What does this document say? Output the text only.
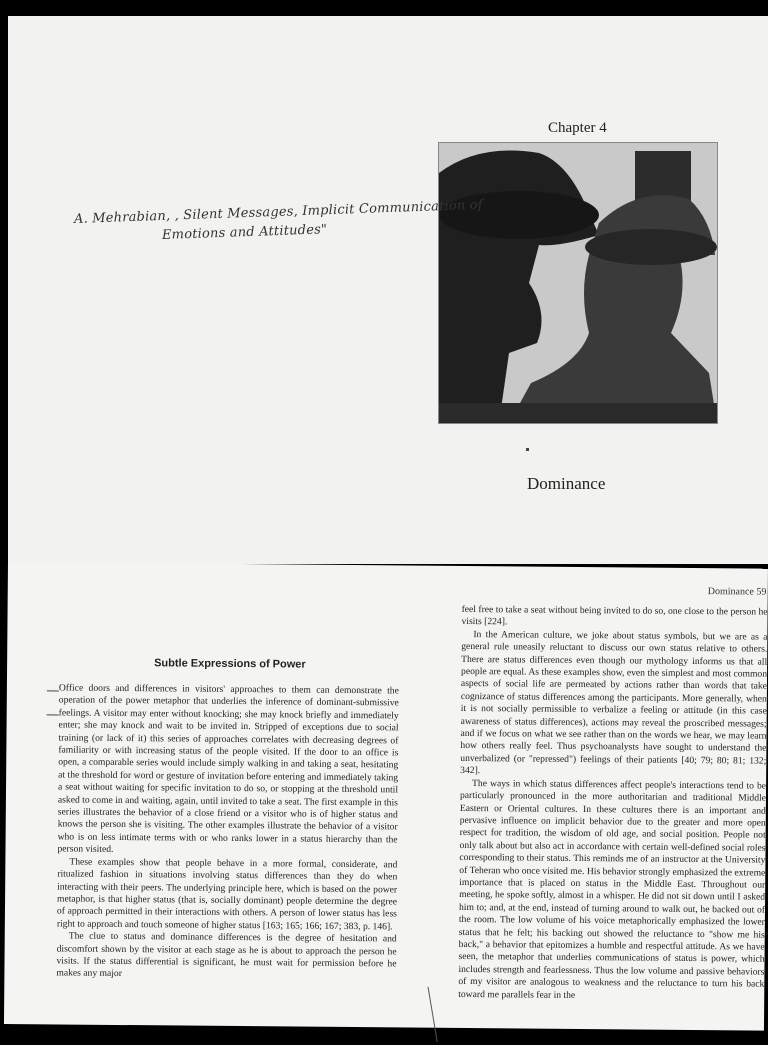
Chapter 4
A. Mehrabian, , Silent Messages, Implicit Communication of
Emotions and Attitudes"
Dominance
Dominance 59
Subtle Expressions of Power

Office doors and differences in visitors' approaches to them can demonstrate the operation of the power metaphor that underlies the inference of dominant-submissive feelings. A visitor may enter without knocking; she may knock briefly and immediately enter; she may knock and wait to be invited in. Stripped of exceptions due to social training (or lack of it) this series of approaches correlates with decreasing degrees of familiarity or with increasing status of the people visited. If the door to an office is open, a comparable series would include simply walking in and taking a seat, hesitating at the threshold for word or gesture of invitation before entering and immediately taking a seat without waiting for specific invitation to do so, or stopping at the threshold until asked to come in and waiting, again, until invited to take a seat. The first example in this series illustrates the behavior of a close friend or a visitor who is of higher status and knows the person she is visiting. The other examples illustrate the behavior of a visitor who is on less intimate terms with or who ranks lower in a status hierarchy than the person visited.

These examples show that people behave in a more formal, considerate, and ritualized fashion in situations involving status differences than they do when interacting with their peers. The underlying principle here, which is based on the power metaphor, is that higher status (that is, socially dominant) people determine the degree of approach permitted in their interactions with others. A person of lower status has less right to approach and touch someone of higher status [163; 165; 166; 167; 383, p. 146].

The clue to status and dominance differences is the degree of hesitation and discomfort shown by the visitor at each stage as he is about to approach the person he visits. If the status differential is significant, he must wait for permission before he makes any major

feel free to take a seat without being invited to do so, one close to the person he visits [224].

In the American culture, we joke about status symbols, but we are as a general rule uneasily reluctant to discuss our own status relative to others. There are status differences even though our mythology informs us that all people are equal. As these examples show, even the simplest and most common aspects of social life are permeated by actions rather than words that take cognizance of status differences among the participants. More generally, when it is not socially permissible to verbalize a feeling or attitude (in this case awareness of status differences), actions may reveal the proscribed messages; and if we focus on what we see rather than on the words we hear, we may learn how others really feel. Thus psychoanalysts have sought to understand the unverbalized (or "repressed") feelings of their patients [40; 79; 80; 81; 132; 342].

The ways in which status differences affect people's interactions tend to be particularly pronounced in the more authoritarian and traditional Middle Eastern or Oriental cultures. In these cultures there is an important and pervasive influence on implicit behavior due to the greater and more open respect for tradition, the wisdom of old age, and social position. People not only talk about but also act in accordance with certain well-defined social roles corresponding to their status. This reminds me of an instructor at the University of Teheran who once visited me. His behavior strongly emphasized the extreme importance that is placed on status in the Middle East. Throughout our meeting, he spoke softly, almost in a whisper. He did not sit down until I asked him to; and, at the end, instead of turning around to walk out, he backed out of the room. The low volume of his voice metaphorically emphasized the lower status that he felt; his backing out showed the reluctance to "show me his back," a behavior that epitomizes a humble and respectful attitude. As we have seen, the metaphor that underlies communications of status is power, which includes strength and fearlessness. Thus the low volume and passive behaviors of my visitor are analogous to weakness and the reluctance to turn his back toward me parallels fear in the
